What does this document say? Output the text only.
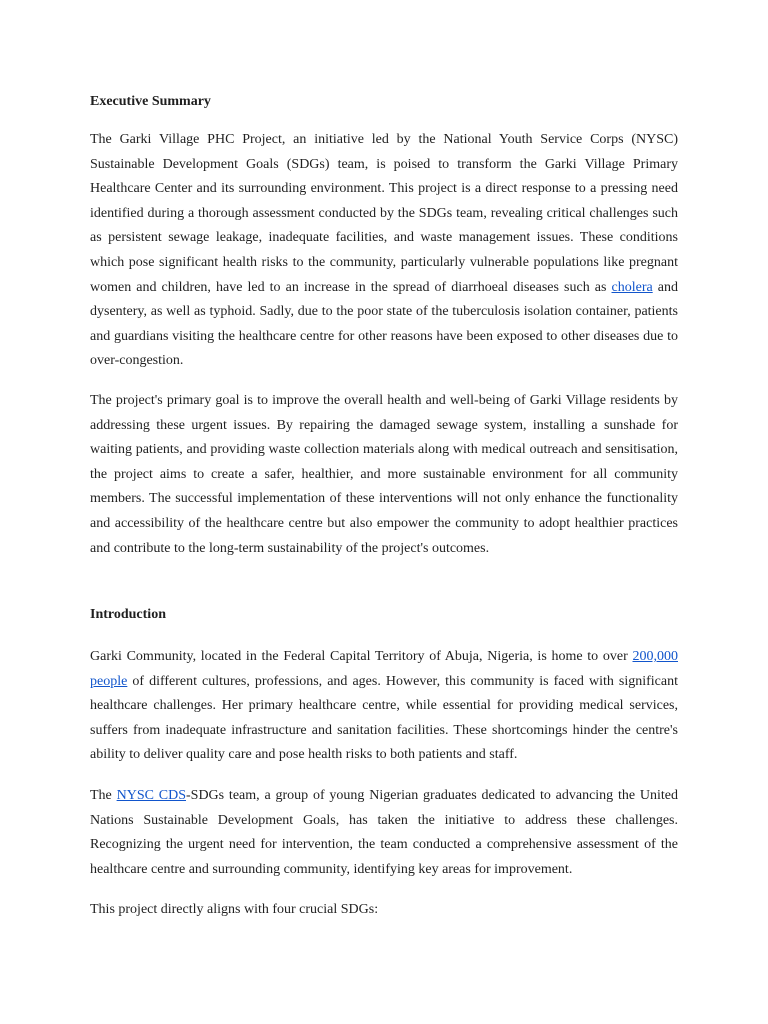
Executive Summary

The Garki Village PHC Project, an initiative led by the National Youth Service Corps (NYSC) Sustainable Development Goals (SDGs) team, is poised to transform the Garki Village Primary Healthcare Center and its surrounding environment. This project is a direct response to a pressing need identified during a thorough assessment conducted by the SDGs team, revealing critical challenges such as persistent sewage leakage, inadequate facilities, and waste management issues. These conditions which pose significant health risks to the community, particularly vulnerable populations like pregnant women and children, have led to an increase in the spread of diarrhoeal diseases such as cholera and dysentery, as well as typhoid. Sadly, due to the poor state of the tuberculosis isolation container, patients and guardians visiting the healthcare centre for other reasons have been exposed to other diseases due to over-congestion.

The project's primary goal is to improve the overall health and well-being of Garki Village residents by addressing these urgent issues. By repairing the damaged sewage system, installing a sunshade for waiting patients, and providing waste collection materials along with medical outreach and sensitisation, the project aims to create a safer, healthier, and more sustainable environment for all community members. The successful implementation of these interventions will not only enhance the functionality and accessibility of the healthcare centre but also empower the community to adopt healthier practices and contribute to the long-term sustainability of the project's outcomes.

Introduction

Garki Community, located in the Federal Capital Territory of Abuja, Nigeria, is home to over 200,000 people of different cultures, professions, and ages. However, this community is faced with significant healthcare challenges. Her primary healthcare centre, while essential for providing medical services, suffers from inadequate infrastructure and sanitation facilities. These shortcomings hinder the centre's ability to deliver quality care and pose health risks to both patients and staff.

The NYSC CDS-SDGs team, a group of young Nigerian graduates dedicated to advancing the United Nations Sustainable Development Goals, has taken the initiative to address these challenges. Recognizing the urgent need for intervention, the team conducted a comprehensive assessment of the healthcare centre and surrounding community, identifying key areas for improvement.

This project directly aligns with four crucial SDGs:
